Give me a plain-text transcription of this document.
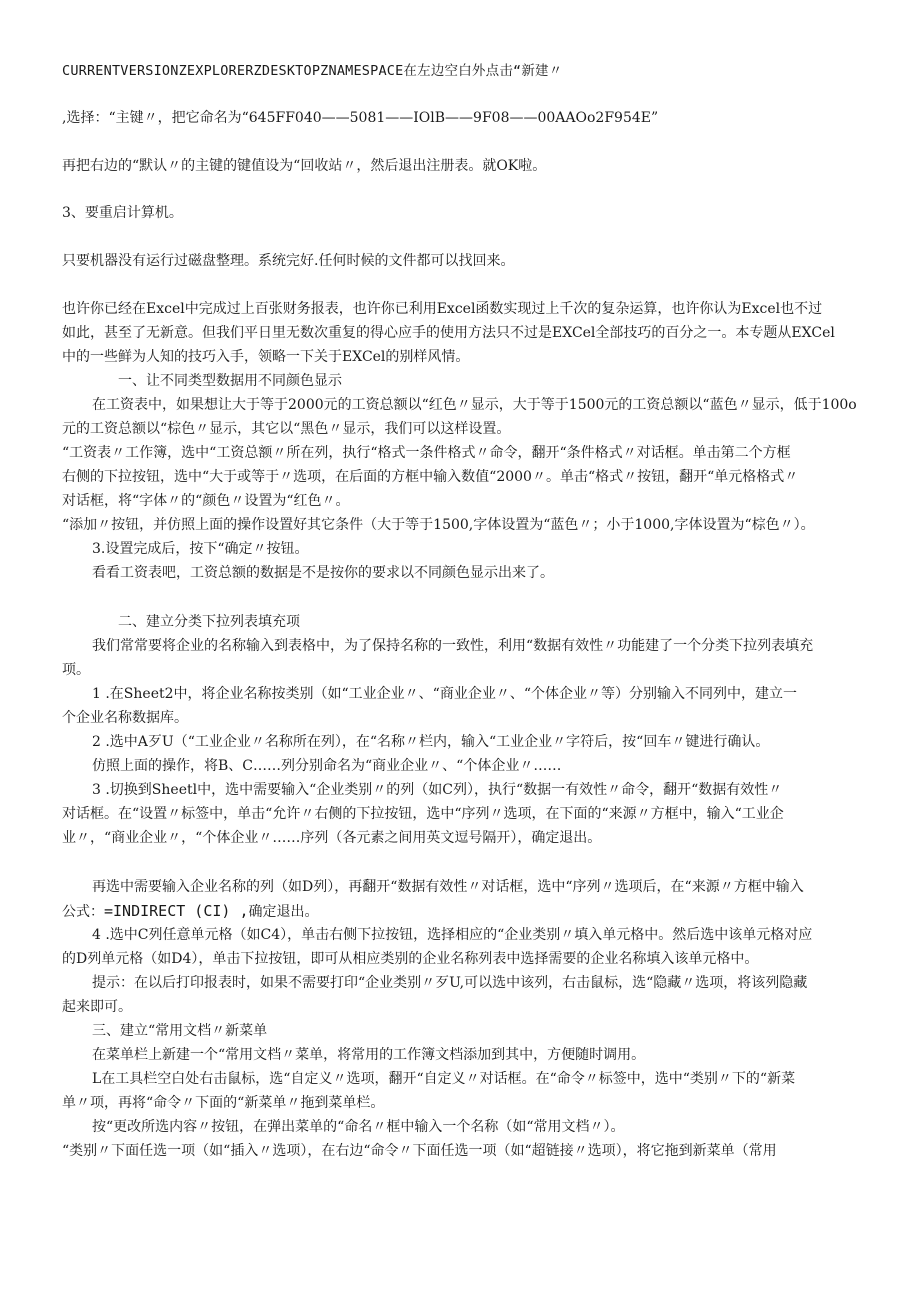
CURRENTVERSIONZEXPLORERZDESKTOPZNAMESPACE在左边空白外点击“新建〃
,选择：“主键〃，把它命名为“645FF040——5081——IOlB——9F08——00AAOo2F954E”
再把右边的“默认〃的主键的键值设为“回收站〃，然后退出注册表。就OK啦。
3、要重启计算机。
只要机器没有运行过磁盘整理。系统完好.任何时候的文件都可以找回来。
也许你已经在Excel中完成过上百张财务报表，也许你已利用Excel函数实现过上千次的复杂运算，也许你认为Excel也不过
如此，甚至了无新意。但我们平日里无数次重复的得心应手的使用方法只不过是EXCel全部技巧的百分之一。本专题从EXCel
中的一些鲜为人知的技巧入手，领略一下关于EXCel的别样风情。
一、让不同类型数据用不同颜色显示
在工资表中，如果想让大于等于2000元的工资总额以“红色〃显示，大于等于1500元的工资总额以“蓝色〃显示，低于100o
元的工资总额以“棕色〃显示，其它以“黑色〃显示，我们可以这样设置。
“工资表〃工作簿，选中“工资总额〃所在列，执行“格式一条件格式〃命令，翻开“条件格式〃对话框。单击第二个方框
右侧的下拉按钮，选中“大于或等于〃选项，在后面的方框中输入数值“2000〃。单击“格式〃按钮，翻开“单元格格式〃
对话框，将“字体〃的“颜色〃设置为“红色〃。
“添加〃按钮，并仿照上面的操作设置好其它条件（大于等于1500,字体设置为“蓝色〃；小于1000,字体设置为“棕色〃）。
3.设置完成后，按下“确定〃按钮。
看看工资表吧，工资总额的数据是不是按你的要求以不同颜色显示出来了。
二、建立分类下拉列表填充项
我们常常要将企业的名称输入到表格中，为了保持名称的一致性，利用“数据有效性〃功能建了一个分类下拉列表填充
项。
1 .在Sheet2中，将企业名称按类别（如“工业企业〃、“商业企业〃、“个体企业〃等）分别输入不同列中，建立一
个企业名称数据库。
2 .选中A歹U（“工业企业〃名称所在列），在“名称〃栏内，输入“工业企业〃字符后，按“回车〃键进行确认。
仿照上面的操作，将B、C……列分别命名为“商业企业〃、“个体企业〃……
3 .切换到Sheetl中，选中需要输入“企业类别〃的列（如C列），执行“数据一有效性〃命令，翻开“数据有效性〃
对话框。在“设置〃标签中，单击“允许〃右侧的下拉按钮，选中“序列〃选项，在下面的“来源〃方框中，输入“工业企
业〃，“商业企业〃，“个体企业〃……序列（各元素之间用英文逗号隔开），确定退出。
再选中需要输入企业名称的列（如D列），再翻开“数据有效性〃对话框，选中“序列〃选项后，在“来源〃方框中输入
公式：=INDIRECT (CI) ,确定退出。
4 .选中C列任意单元格（如C4），单击右侧下拉按钮，选择相应的“企业类别〃填入单元格中。然后选中该单元格对应
的D列单元格（如D4），单击下拉按钮，即可从相应类别的企业名称列表中选择需要的企业名称填入该单元格中。
提示：在以后打印报表时，如果不需要打印“企业类别〃歹U,可以选中该列，右击鼠标，选“隐藏〃选项，将该列隐藏
起来即可。
三、建立“常用文档〃新菜单
在菜单栏上新建一个“常用文档〃菜单，将常用的工作簿文档添加到其中，方便随时调用。
L在工具栏空白处右击鼠标，选“自定义〃选项，翻开“自定义〃对话框。在“命令〃标签中，选中“类别〃下的“新菜
单〃项，再将“命令〃下面的“新菜单〃拖到菜单栏。
按“更改所选内容〃按钮，在弹出菜单的“命名〃框中输入一个名称（如“常用文档〃）。
“类别〃下面任选一项（如“插入〃选项），在右边“命令〃下面任选一项（如“超链接〃选项），将它拖到新菜单（常用
